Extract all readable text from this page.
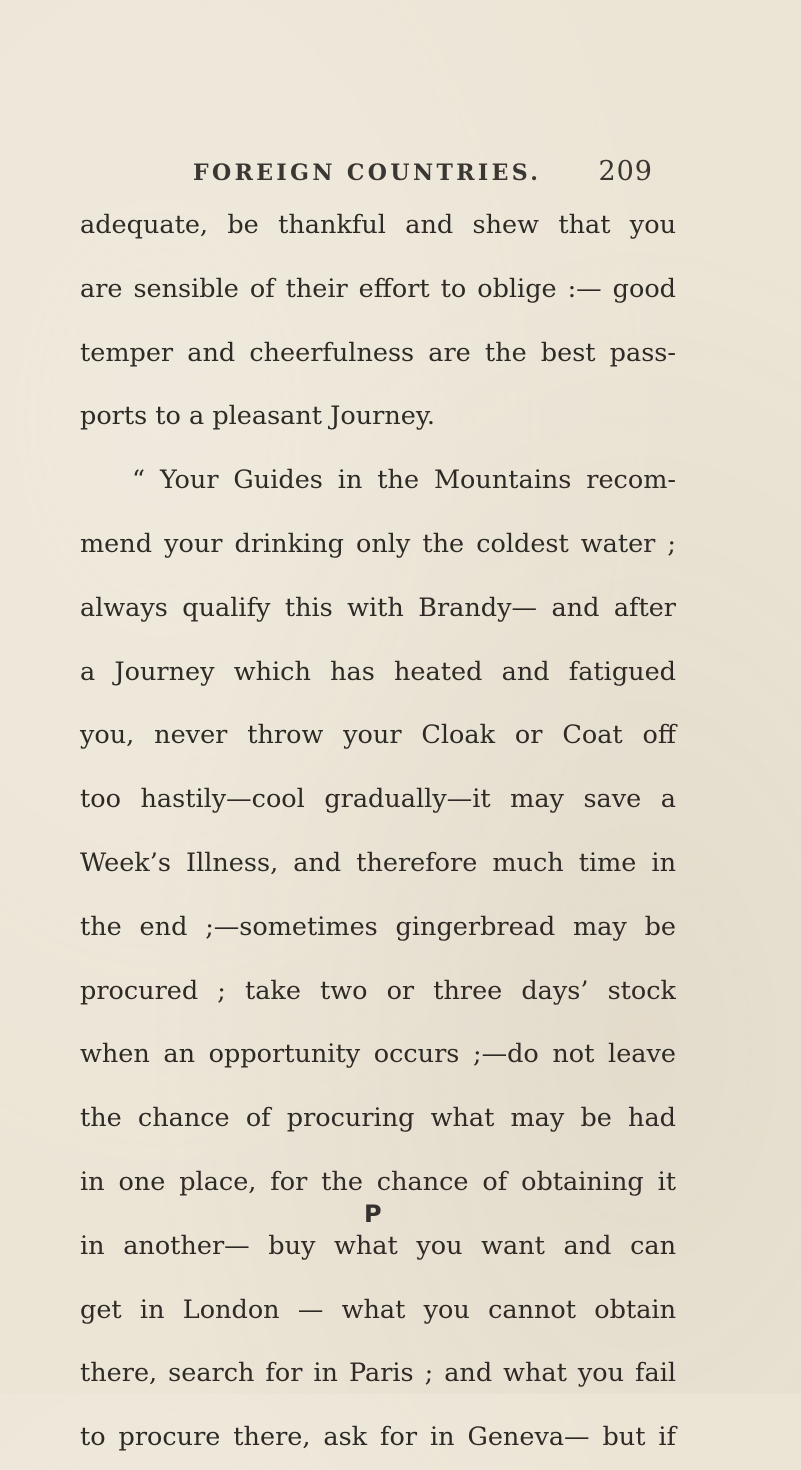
FOREIGN COUNTRIES. 209
adequate, be thankful and shew that you
are sensible of their effort to oblige :— good
temper and cheerfulness are the best pass-
ports to a pleasant Journey.
“ Your Guides in the Mountains recom-
mend your drinking only the coldest water ;
always qualify this with Brandy— and after
a Journey which has heated and fatigued
you, never throw your Cloak or Coat off
too hastily—cool gradually—it may save a
Week’s Illness, and therefore much time in
the end ;—sometimes gingerbread may be
procured ; take two or three days’ stock
when an opportunity occurs ;—do not leave
the chance of procuring what may be had
in one place, for the chance of obtaining it
in another— buy what you want and can
get in London — what you cannot obtain
there, search for in Paris ; and what you fail
to procure there, ask for in Geneva— but if
P
